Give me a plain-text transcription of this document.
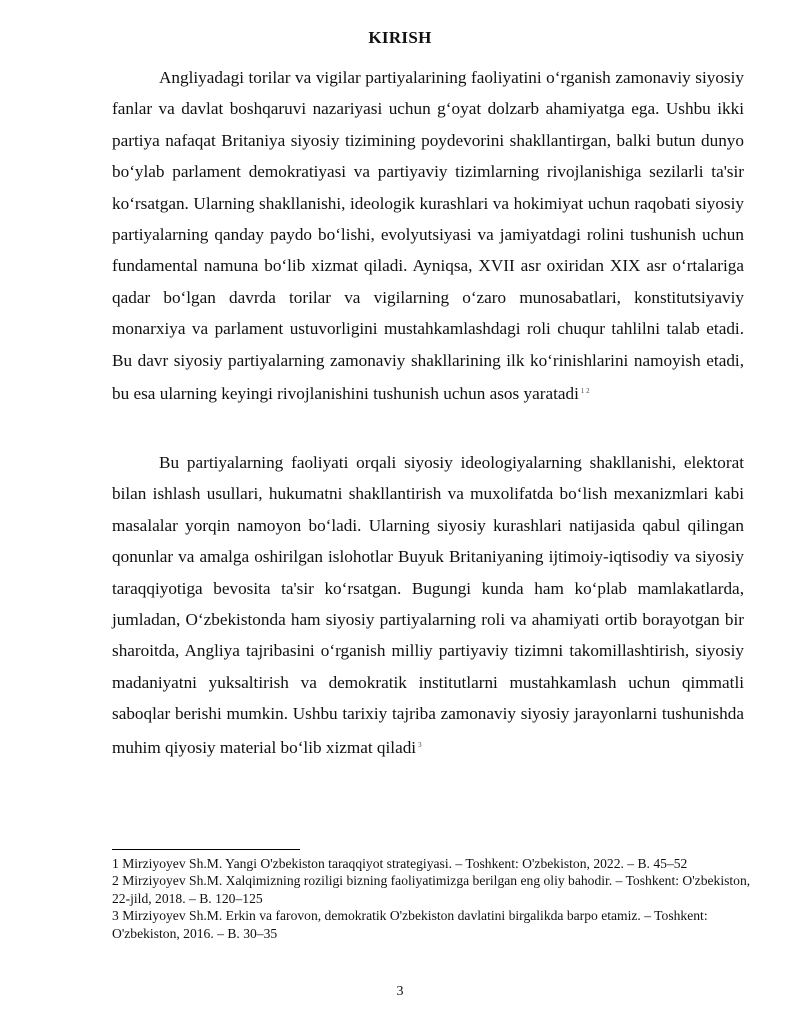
KIRISH

Angliyadagi torilar va vigilar partiyalarining faoliyatini o‘rganish zamonaviy siyosiy fanlar va davlat boshqaruvi nazariyasi uchun g‘oyat dolzarb ahamiyatga ega. Ushbu ikki partiya nafaqat Britaniya siyosiy tizimining poydevorini shakllantirgan, balki butun dunyo bo‘ylab parlament demokratiyasi va partiyaviy tizimlarning rivojlanishiga sezilarli ta'sir ko‘rsatgan. Ularning shakllanishi, ideologik kurashlari va hokimiyat uchun raqobati siyosiy partiyalarning qanday paydo bo‘lishi, evolyutsiyasi va jamiyatdagi rolini tushunish uchun fundamental namuna bo‘lib xizmat qiladi. Ayniqsa, XVII asr oxiridan XIX asr o‘rtalariga qadar bo‘lgan davrda torilar va vigilarning o‘zaro munosabatlari, konstitutsiyaviy monarxiya va parlament ustuvorligini mustahkamlashdagi roli chuqur tahlilni talab etadi. Bu davr siyosiy partiyalarning zamonaviy shakllarining ilk ko‘rinishlarini namoyish etadi, bu esa ularning keyingi rivojlanishini tushunish uchun asos yaratadi $^{1 2}$

Bu partiyalarning faoliyati orqali siyosiy ideologiyalarning shakllanishi, elektorat bilan ishlash usullari, hukumatni shakllantirish va muxolifatda bo‘lish mexanizmlari kabi masalalar yorqin namoyon bo‘ladi. Ularning siyosiy kurashlari natijasida qabul qilingan qonunlar va amalga oshirilgan islohotlar Buyuk Britaniyaning ijtimoiy-iqtisodiy va siyosiy taraqqiyotiga bevosita ta'sir ko‘rsatgan. Bugungi kunda ham ko‘plab mamlakatlarda, jumladan, O‘zbekistonda ham siyosiy partiyalarning roli va ahamiyati ortib borayotgan bir sharoitda, Angliya tajribasini o‘rganish milliy partiyaviy tizimni takomillashtirish, siyosiy madaniyatni yuksaltirish va demokratik institutlarni mustahkamlash uchun qimmatli saboqlar berishi mumkin. Ushbu tarixiy tajriba zamonaviy siyosiy jarayonlarni tushunishda muhim qiyosiy material bo‘lib xizmat qiladi $^3$

1 Mirziyoyev Sh.M. Yangi O'zbekiston taraqqiyot strategiyasi. – Toshkent: O'zbekiston, 2022. – B. 45–52

2 Mirziyoyev Sh.M. Xalqimizning roziligi bizning faoliyatimizga berilgan eng oliy bahodir. – Toshkent: O'zbekiston, 22-jild, 2018. – B. 120–125

3 Mirziyoyev Sh.M. Erkin va farovon, demokratik O'zbekiston davlatini birgalikda barpo etamiz. – Toshkent: O'zbekiston, 2016. – B. 30–35

3
